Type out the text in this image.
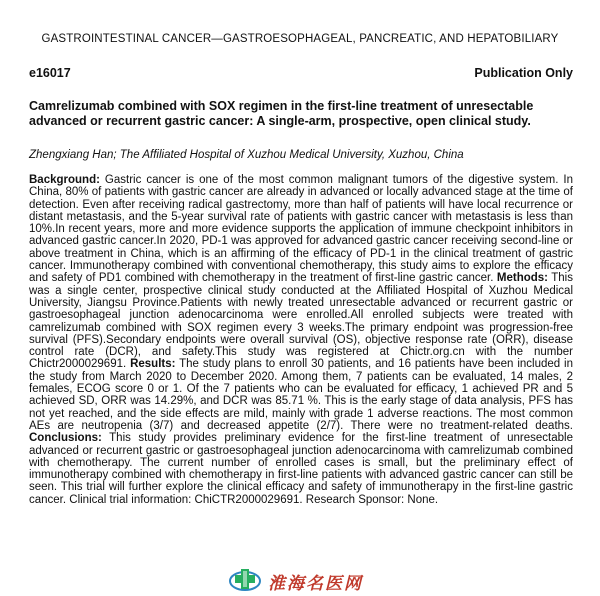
GASTROINTESTINAL CANCER—GASTROESOPHAGEAL, PANCREATIC, AND HEPATOBILIARY
e16017	Publication Only
Camrelizumab combined with SOX regimen in the first-line treatment of unresectable advanced or recurrent gastric cancer: A single-arm, prospective, open clinical study.
Zhengxiang Han; The Affiliated Hospital of Xuzhou Medical University, Xuzhou, China
Background: Gastric cancer is one of the most common malignant tumors of the digestive system. In China, 80% of patients with gastric cancer are already in advanced or locally advanced stage at the time of detection. Even after receiving radical gastrectomy, more than half of patients will have local recurrence or distant metastasis, and the 5-year survival rate of patients with gastric cancer with metastasis is less than 10%.In recent years, more and more evidence supports the application of immune checkpoint inhibitors in advanced gastric cancer.In 2020, PD-1 was approved for advanced gastric cancer receiving second-line or above treatment in China, which is an affirming of the efficacy of PD-1 in the clinical treatment of gastric cancer. Immunotherapy combined with conventional chemotherapy, this study aims to explore the efficacy and safety of PD1 combined with chemotherapy in the treatment of first-line gastric cancer. Methods: This was a single center, prospective clinical study conducted at the Affiliated Hospital of Xuzhou Medical University, Jiangsu Province.Patients with newly treated unresectable advanced or recurrent gastric or gastroesophageal junction adenocarcinoma were enrolled.All enrolled subjects were treated with camrelizumab combined with SOX regimen every 3 weeks.The primary endpoint was progression-free survival (PFS).Secondary endpoints were overall survival (OS), objective response rate (ORR), disease control rate (DCR), and safety.This study was registered at Chictr.org.cn with the number Chictr2000029691. Results: The study plans to enroll 30 patients, and 16 patients have been included in the study from March 2020 to December 2020. Among them, 7 patients can be evaluated, 14 males, 2 females, ECOG score 0 or 1. Of the 7 patients who can be evaluated for efficacy, 1 achieved PR and 5 achieved SD, ORR was 14.29%, and DCR was 85.71 %. This is the early stage of data analysis, PFS has not yet reached, and the side effects are mild, mainly with grade 1 adverse reactions. The most common AEs are neutropenia (3/7) and decreased appetite (2/7). There were no treatment-related deaths. Conclusions: This study provides preliminary evidence for the first-line treatment of unresectable advanced or recurrent gastric or gastroesophageal junction adenocarcinoma with camrelizumab combined with chemotherapy. The current number of enrolled cases is small, but the preliminary effect of immunotherapy combined with chemotherapy in first-line patients with advanced gastric cancer can still be seen. This trial will further explore the clinical efficacy and safety of immunotherapy in the first-line gastric cancer. Clinical trial information: ChiCTR2000029691. Research Sponsor: None.
淮海名医网
